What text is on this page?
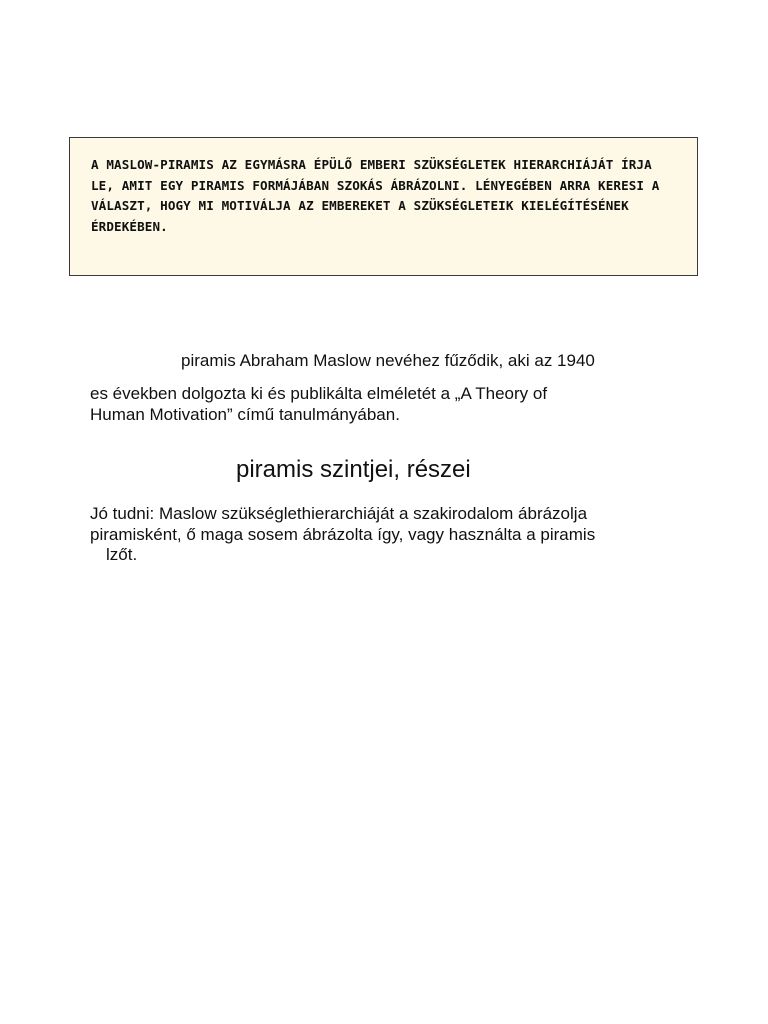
A MASLOW-PIRAMIS AZ EGYMÁSRA ÉPÜLŐ EMBERI SZÜKSÉGLETEK HIERARCHIÁJÁT ÍRJA LE, AMIT EGY PIRAMIS FORMÁJÁBAN SZOKÁS ÁBRÁZOLNI. LÉNYEGÉBEN ARRA KERESI A VÁLASZT, HOGY MI MOTIVÁLJA AZ EMBEREKET A SZÜKSÉGLETEIK KIELÉGÍTÉSÉNEK ÉRDEKÉBEN.

piramis Abraham Maslow nevéhez fűződik, aki az 1940

es években dolgozta ki és publikálta elméletét a „A Theory of
Human Motivation” című tanulmányában.
piramis szintjei, részei
Jó tudni: Maslow szükséglethierarchiáját a szakirodalom ábrázolja
piramisként, ő maga sosem ábrázolta így, vagy használta a piramis
lzőt.
